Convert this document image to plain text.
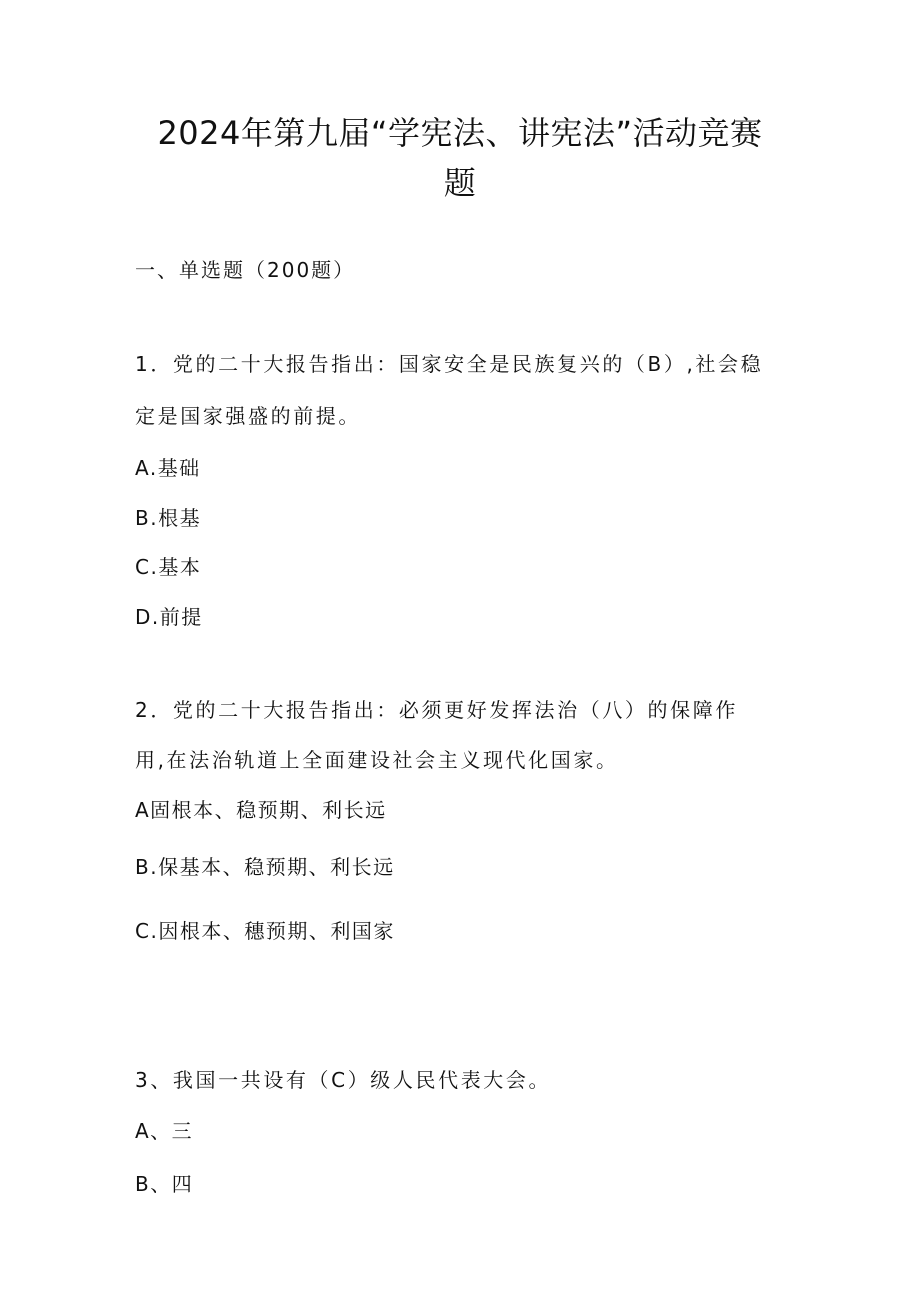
2024年第九届“学宪法、讲宪法”活动竞赛
题
一、单选题（200题）
1．党的二十大报告指出：国家安全是民族复兴的（B）,社会稳
定是国家强盛的前提。
A.基础
B.根基
C.基本
D.前提
2．党的二十大报告指出：必须更好发挥法治（八）的保障作
用,在法治轨道上全面建设社会主义现代化国家。
A固根本、稳预期、利长远
B.保基本、稳预期、利长远
C.因根本、穗预期、利国家
3、我国一共设有（C）级人民代表大会。
A、三
B、四
